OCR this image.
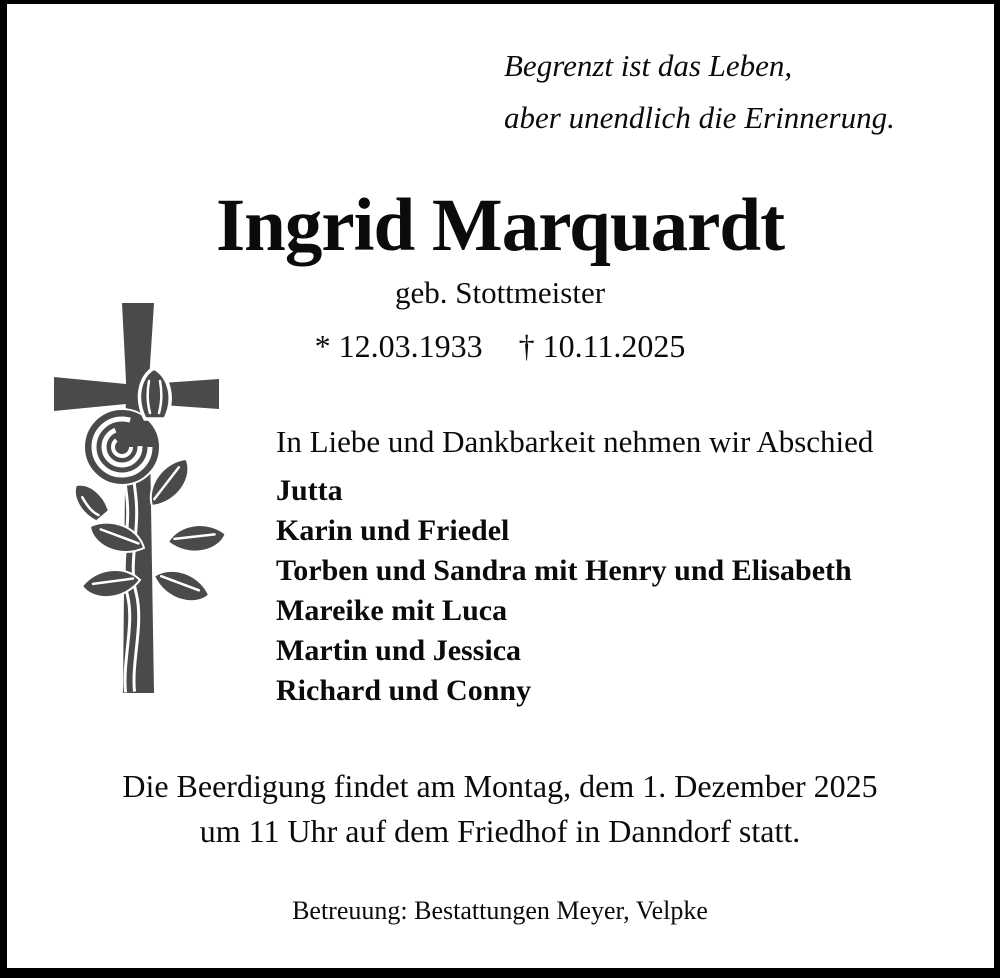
Begrenzt ist das Leben,
aber unendlich die Erinnerung.
Ingrid Marquardt
geb. Stottmeister
* 12.03.1933 † 10.11.2025
In Liebe und Dankbarkeit nehmen wir Abschied
Jutta
Karin und Friedel
Torben und Sandra mit Henry und Elisabeth
Mareike mit Luca
Martin und Jessica
Richard und Conny
Die Beerdigung findet am Montag, dem 1. Dezember 2025
um 11 Uhr auf dem Friedhof in Danndorf statt.
Betreuung: Bestattungen Meyer, Velpke
